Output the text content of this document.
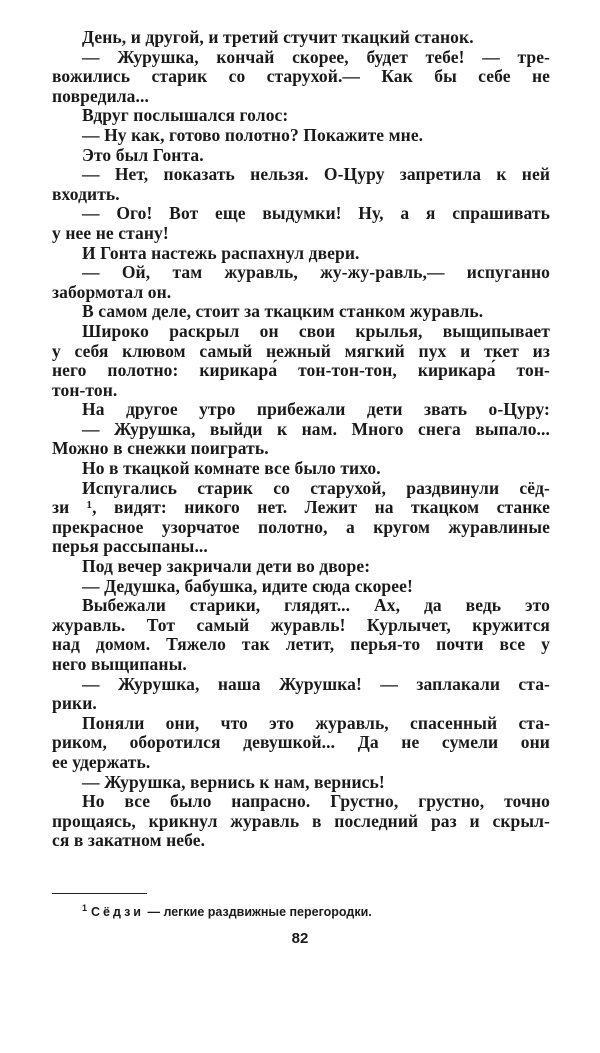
День, и другой, и третий стучит ткацкий станок.
— Журушка, кончай скорее, будет тебе! — тре-
вожились старик со старухой.— Как бы себе не
повредила...
Вдруг послышался голос:
— Ну как, готово полотно? Покажите мне.
Это был Гонта.
— Нет, показать нельзя. О-Цуру запретила к ней
входить.
— Ого! Вот еще выдумки! Ну, а я спрашивать
у нее не стану!
И Гонта настежь распахнул двери.
— Ой, там журавль, жу-жу-равль,— испуганно
забормотал он.
В самом деле, стоит за ткацким станком журавль.
Широко раскрыл он свои крылья, выщипывает
у себя клювом самый нежный мягкий пух и ткет из
него полотно: кирикара́ тон-тон-тон, кирикара́ тон-
тон-тон.
На другое утро прибежали дети звать о-Цуру:
— Журушка, выйди к нам. Много снега выпало...
Можно в снежки поиграть.
Но в ткацкой комнате все было тихо.
Испугались старик со старухой, раздвинули сёд-
зи ¹, видят: никого нет. Лежит на ткацком станке
прекрасное узорчатое полотно, а кругом журавлиные
перья рассыпаны...
Под вечер закричали дети во дворе:
— Дедушка, бабушка, идите сюда скорее!
Выбежали старики, глядят... Ах, да ведь это
журавль. Тот самый журавль! Курлычет, кружится
над домом. Тяжело так летит, перья-то почти все у
него выщипаны.
— Журушка, наша Журушка! — заплакали ста-
рики.
Поняли они, что это журавль, спасенный ста-
риком, оборотился девушкой... Да не сумели они
ее удержать.
— Журушка, вернись к нам, вернись!
Но все было напрасно. Грустно, грустно, точно
прощаясь, крикнул журавль в последний раз и скрыл-
ся в закатном небе.
$^1$ Сёдзи — легкие раздвижные перегородки.
82
